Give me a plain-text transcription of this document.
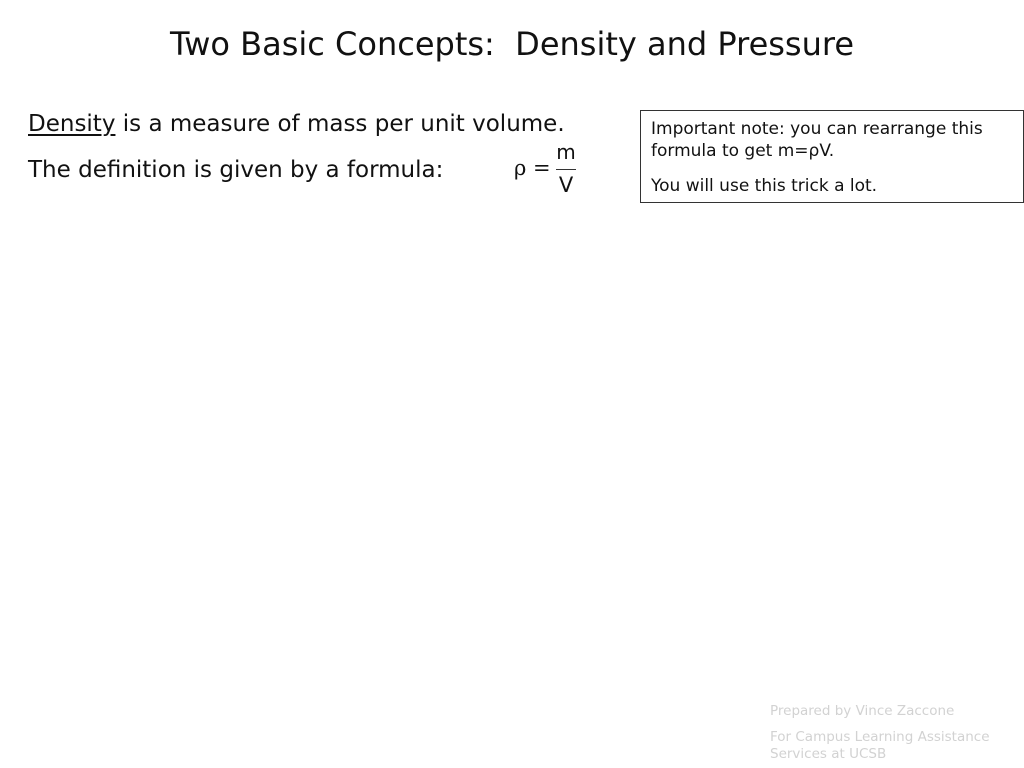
Two Basic Concepts:  Density and Pressure
Density is a measure of mass per unit volume.
The definition is given by a formula:	ρ =
m
V

Important note: you can rearrange this formula to get m=ρV.

You will use this trick a lot.

Prepared by Vince Zaccone

For Campus Learning Assistance Services at UCSB
